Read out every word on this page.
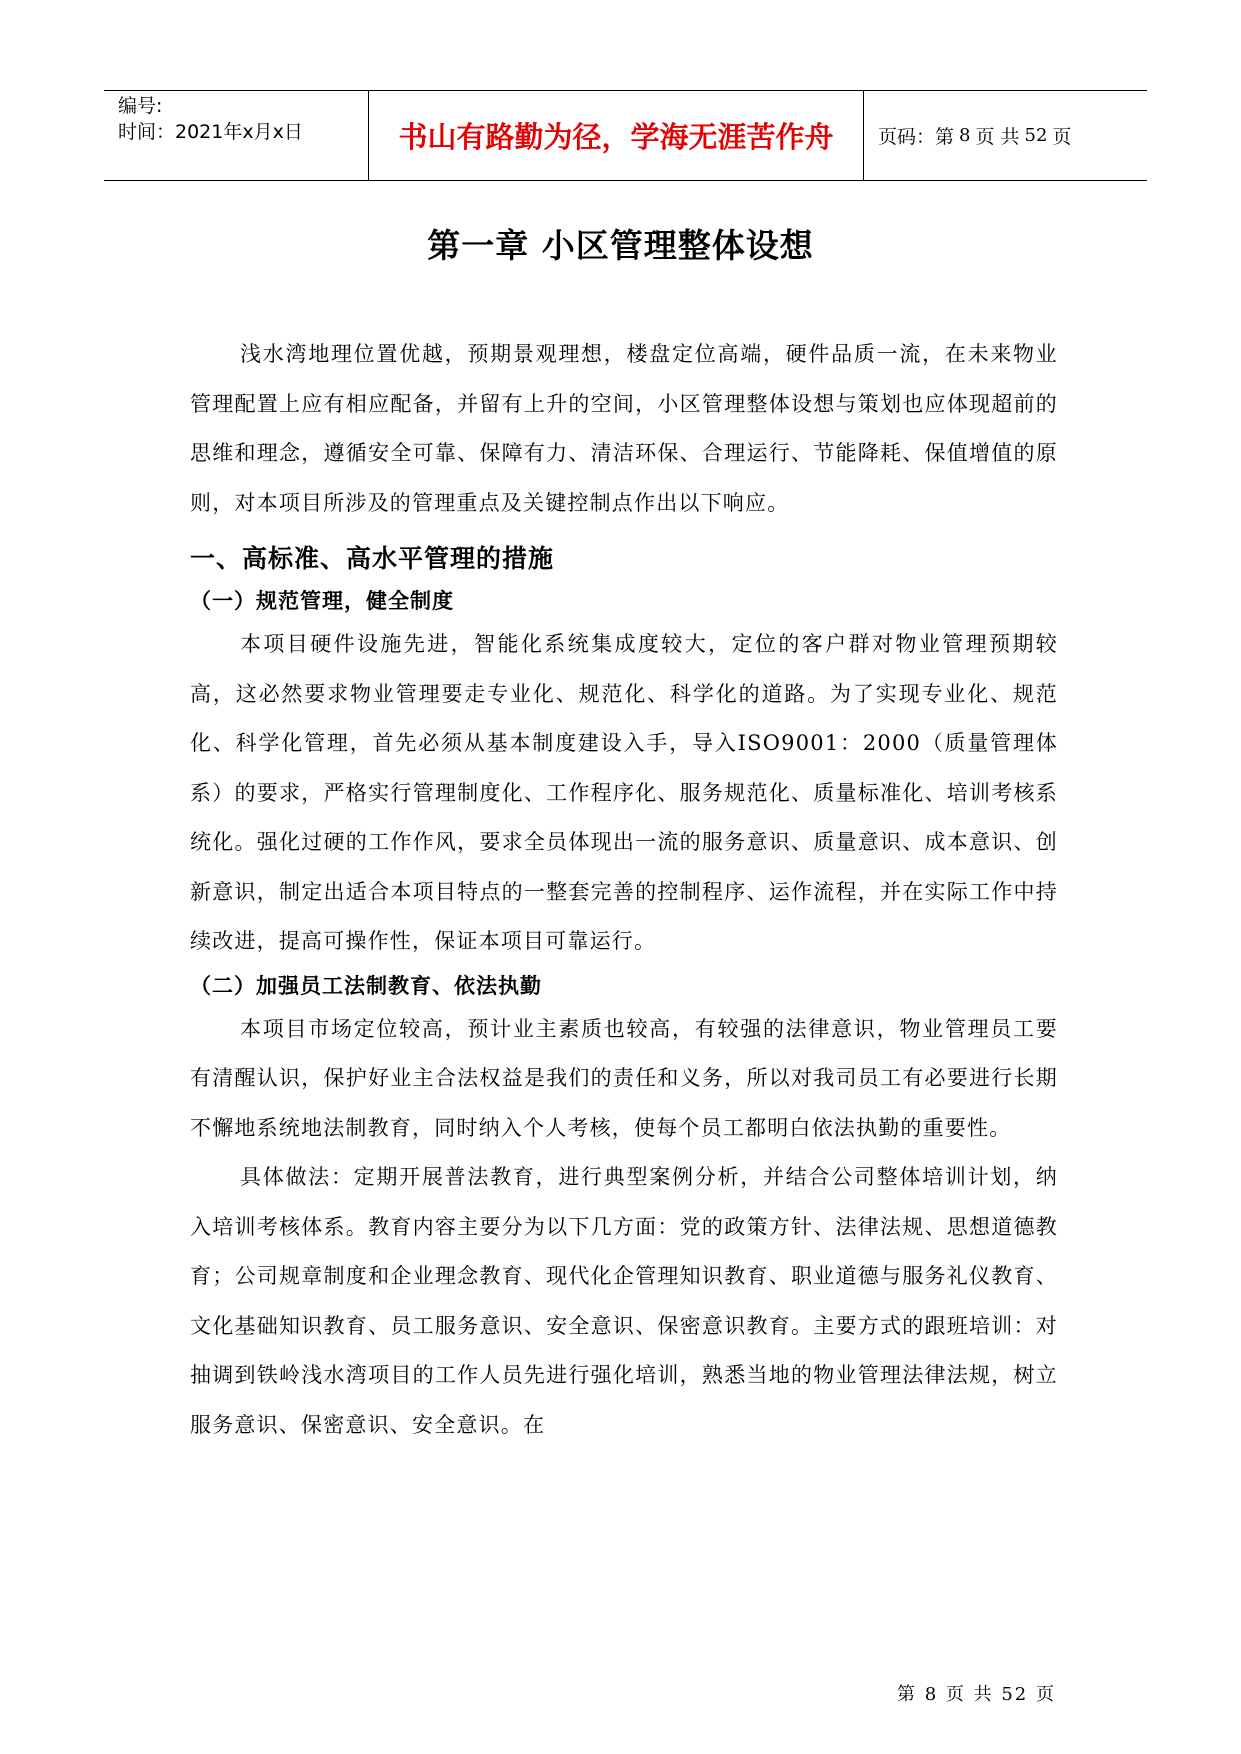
编号:
时间：2021年x月x日	书山有路勤为径，学海无涯苦作舟 页码：第 8 页 共 52 页
第一章 小区管理整体设想

浅水湾地理位置优越，预期景观理想，楼盘定位高端，硬件品质一流，在未来物业管理配置上应有相应配备，并留有上升的空间，小区管理整体设想与策划也应体现超前的思维和理念，遵循安全可靠、保障有力、清洁环保、合理运行、节能降耗、保值增值的原则，对本项目所涉及的管理重点及关键控制点作出以下响应。

一、高标准、高水平管理的措施
（一）规范管理，健全制度

本项目硬件设施先进，智能化系统集成度较大，定位的客户群对物业管理预期较高，这必然要求物业管理要走专业化、规范化、科学化的道路。为了实现专业化、规范化、科学化管理，首先必须从基本制度建设入手，导入ISO9001：2000（质量管理体系）的要求，严格实行管理制度化、工作程序化、服务规范化、质量标准化、培训考核系统化。强化过硬的工作作风，要求全员体现出一流的服务意识、质量意识、成本意识、创新意识，制定出适合本项目特点的一整套完善的控制程序、运作流程，并在实际工作中持续改进，提高可操作性，保证本项目可靠运行。

（二）加强员工法制教育、依法执勤

本项目市场定位较高，预计业主素质也较高，有较强的法律意识，物业管理员工要有清醒认识，保护好业主合法权益是我们的责任和义务，所以对我司员工有必要进行长期不懈地系统地法制教育，同时纳入个人考核，使每个员工都明白依法执勤的重要性。

具体做法：定期开展普法教育，进行典型案例分析，并结合公司整体培训计划，纳入培训考核体系。教育内容主要分为以下几方面：党的政策方针、法律法规、思想道德教育；公司规章制度和企业理念教育、现代化企管理知识教育、职业道德与服务礼仪教育、文化基础知识教育、员工服务意识、安全意识、保密意识教育。主要方式的跟班培训：对抽调到铁岭浅水湾项目的工作人员先进行强化培训，熟悉当地的物业管理法律法规，树立服务意识、保密意识、安全意识。在

第 8 页 共 52 页
